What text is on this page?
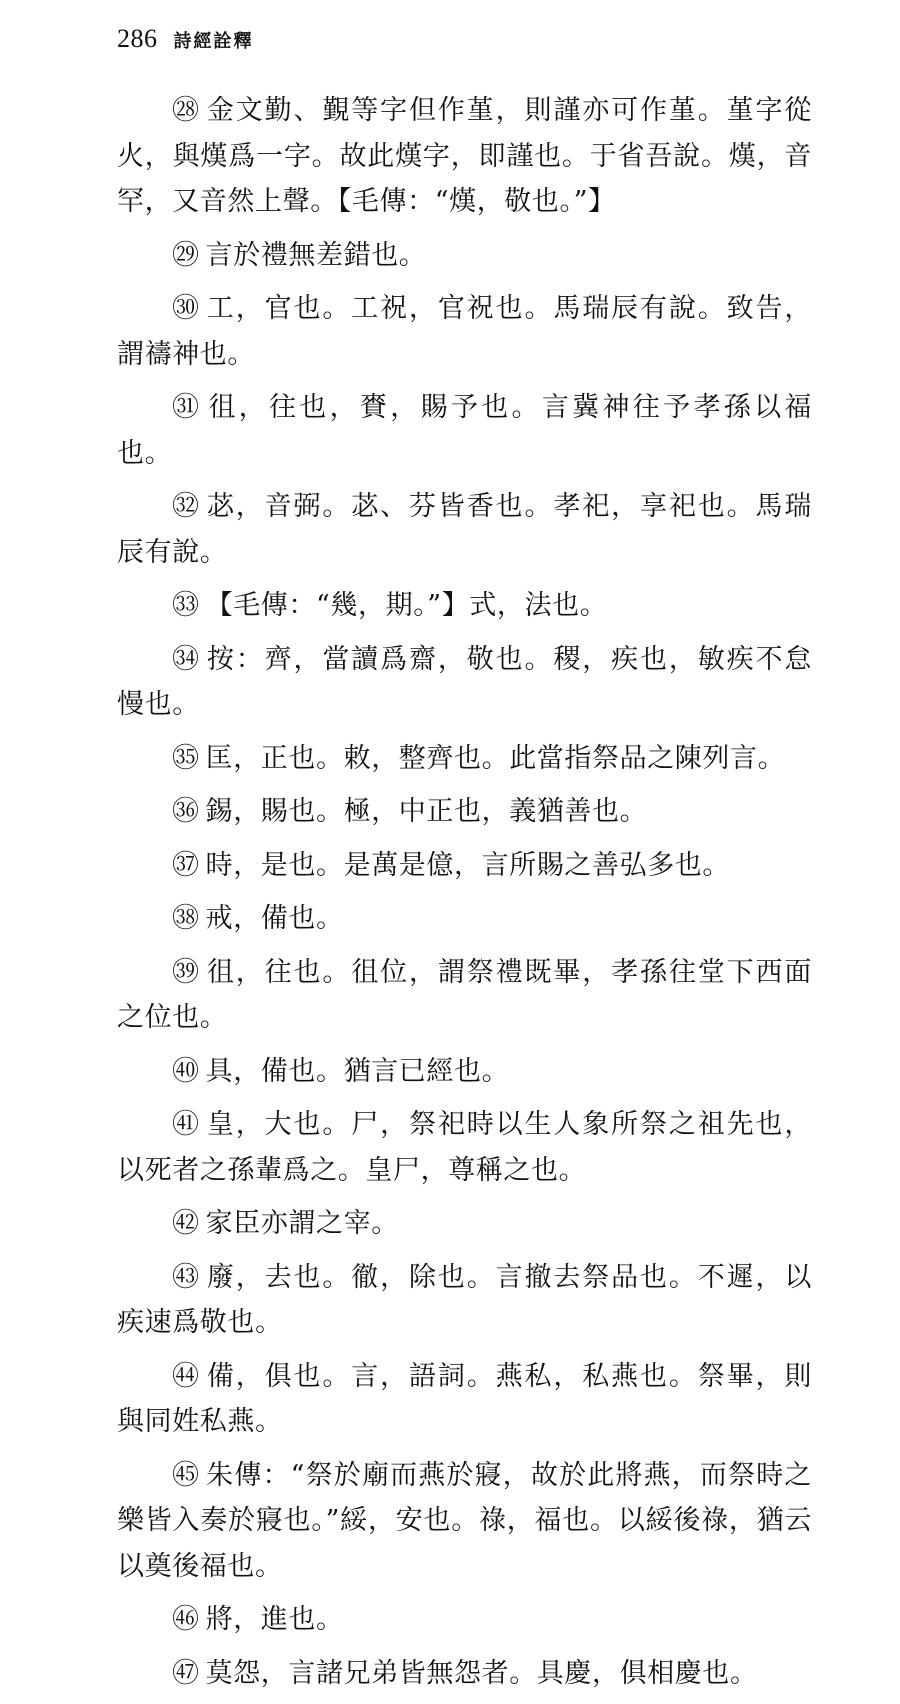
286 詩經詮釋

㉘ 金文勤、覲等字但作堇，則謹亦可作堇。堇字從火，與熯爲一字。故此熯字，即謹也。于省吾說。熯，音罕，又音然上聲。【毛傳：“熯，敬也。”】

㉙ 言於禮無差錯也。

㉚ 工，官也。工祝，官祝也。馬瑞辰有說。致告，謂禱神也。

㉛ 徂，往也，賚，賜予也。言冀神往予孝孫以福也。

㉜ 苾，音弼。苾、芬皆香也。孝祀，享祀也。馬瑞辰有說。

㉝ 【毛傳：“幾，期。”】式，法也。

㉞ 按：齊，當讀爲齋，敬也。稷，疾也，敏疾不怠慢也。

㉟ 匡，正也。敕，整齊也。此當指祭品之陳列言。

㊱ 錫，賜也。極，中正也，義猶善也。

㊲ 時，是也。是萬是億，言所賜之善弘多也。

㊳ 戒，備也。

㊴ 徂，往也。徂位，謂祭禮既畢，孝孫往堂下西面之位也。

㊵ 具，備也。猶言已經也。

㊶ 皇，大也。尸，祭祀時以生人象所祭之祖先也，以死者之孫輩爲之。皇尸，尊稱之也。

㊷ 家臣亦謂之宰。

㊸ 廢，去也。徹，除也。言撤去祭品也。不遲，以疾速爲敬也。

㊹ 備，俱也。言，語詞。燕私，私燕也。祭畢，則與同姓私燕。

㊺ 朱傳：“祭於廟而燕於寢，故於此將燕，而祭時之樂皆入奏於寢也。”綏，安也。祿，福也。以綏後祿，猶云以奠後福也。

㊻ 將，進也。

㊼ 莫怨，言諸兄弟皆無怨者。具慶，俱相慶也。
